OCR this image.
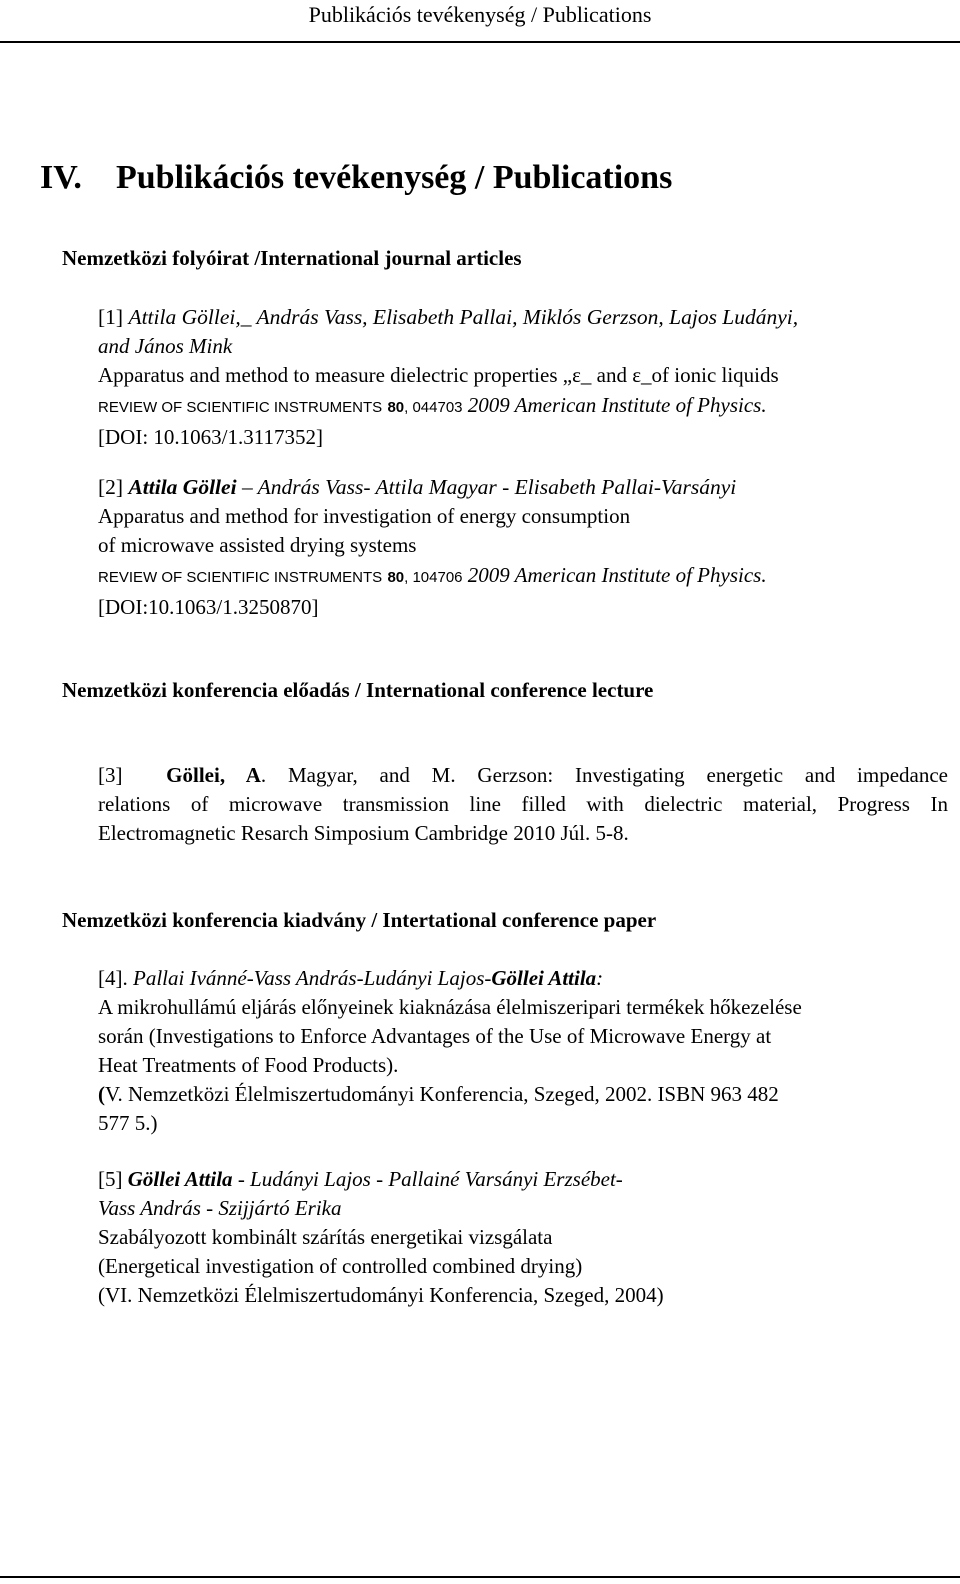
Publikációs tevékenység / Publications
IV. Publikációs tevékenység / Publications
Nemzetközi folyóirat /International journal articles
[1] Attila Göllei,_ András Vass, Elisabeth Pallai, Miklós Gerzson, Lajos Ludányi,
and János Mink
Apparatus and method to measure dielectric properties „ε_ and ε_of ionic liquids
REVIEW OF SCIENTIFIC INSTRUMENTS 80, 044703 2009 American Institute of Physics.
[DOI: 10.1063/1.3117352]
[2] Attila Göllei – András Vass- Attila Magyar - Elisabeth Pallai-Varsányi
Apparatus and method for investigation of energy consumption
of microwave assisted drying systems
REVIEW OF SCIENTIFIC INSTRUMENTS 80, 104706 2009 American Institute of Physics.
[DOI:10.1063/1.3250870]
Nemzetközi konferencia előadás / International conference lecture
[3] Göllei, A. Magyar, and M. Gerzson: Investigating energetic and impedance
relations of microwave transmission line filled with dielectric material, Progress In
Electromagnetic Resarch Simposium Cambridge 2010 Júl. 5-8.
Nemzetközi konferencia kiadvány / Intertational conference paper
[4]. Pallai Ivánné-Vass András-Ludányi Lajos-Göllei Attila:
A mikrohullámú eljárás előnyeinek kiaknázása élelmiszeripari termékek hőkezelése
során (Investigations to Enforce Advantages of the Use of Microwave Energy at
Heat Treatments of Food Products).
(V. Nemzetközi Élelmiszertudományi Konferencia, Szeged, 2002. ISBN 963 482
577 5.)
[5] Göllei Attila - Ludányi Lajos - Pallainé Varsányi Erzsébet-
Vass András - Szijjártó Erika
Szabályozott kombinált szárítás energetikai vizsgálata
(Energetical investigation of controlled combined drying)
(VI. Nemzetközi Élelmiszertudományi Konferencia, Szeged, 2004)
